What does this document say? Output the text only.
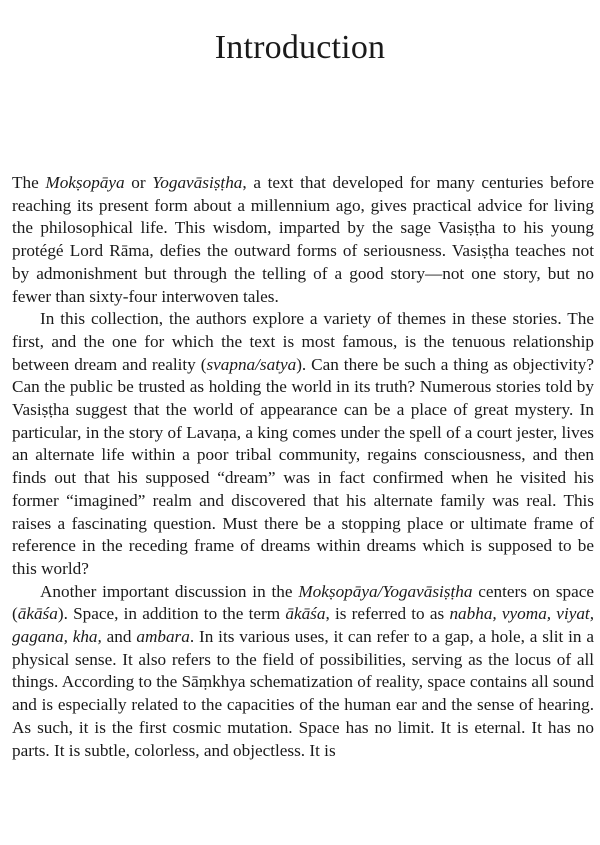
Introduction

The Mokṣopāya or Yogavāsiṣṭha, a text that developed for many centuries before reaching its present form about a millennium ago, gives practical advice for living the philosophical life. This wisdom, imparted by the sage Vasiṣṭha to his young protégé Lord Rāma, defies the outward forms of seriousness. Vasiṣṭha teaches not by admonishment but through the telling of a good story—not one story, but no fewer than sixty-four interwoven tales.

In this collection, the authors explore a variety of themes in these stories. The first, and the one for which the text is most famous, is the tenuous relationship between dream and reality (svapna/satya). Can there be such a thing as objectivity? Can the public be trusted as holding the world in its truth? Numerous stories told by Vasiṣṭha suggest that the world of appearance can be a place of great mystery. In particular, in the story of Lavaṇa, a king comes under the spell of a court jester, lives an alternate life within a poor tribal community, regains consciousness, and then finds out that his supposed “dream” was in fact confirmed when he visited his former “imagined” realm and discovered that his alternate family was real. This raises a fascinating question. Must there be a stopping place or ultimate frame of reference in the receding frame of dreams within dreams which is supposed to be this world?

Another important discussion in the Mokṣopāya/Yogavāsiṣṭha centers on space (ākāśa). Space, in addition to the term ākāśa, is referred to as nabha, vyoma, viyat, gagana, kha, and ambara. In its various uses, it can refer to a gap, a hole, a slit in a physical sense. It also refers to the field of possibilities, serving as the locus of all things. According to the Sāṃkhya schematization of reality, space contains all sound and is especially related to the capacities of the human ear and the sense of hearing. As such, it is the first cosmic mutation. Space has no limit. It is eternal. It has no parts. It is subtle, colorless, and objectless. It is
